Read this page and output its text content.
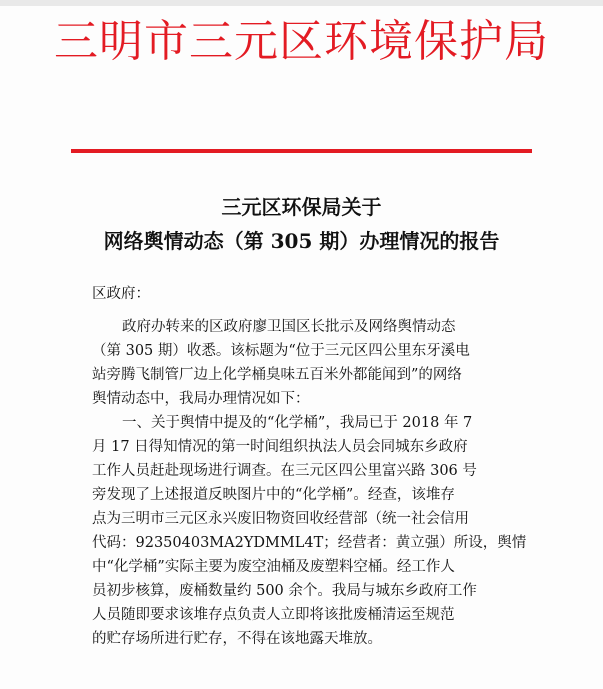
三明市三元区环境保护局
三元区环保局关于
网络舆情动态（第 305 期）办理情况的报告
区政府：
政府办转来的区政府廖卫国区长批示及网络舆情动态
（第 305 期）收悉。该标题为“位于三元区四公里东牙溪电
站旁腾飞制管厂边上化学桶臭味五百米外都能闻到”的网络
舆情动态中，我局办理情况如下：
一、关于舆情中提及的“化学桶”，我局已于 2018 年 7
月 17 日得知情况的第一时间组织执法人员会同城东乡政府
工作人员赶赴现场进行调查。在三元区四公里富兴路 306 号
旁发现了上述报道反映图片中的“化学桶”。经查，该堆存
点为三明市三元区永兴废旧物资回收经营部（统一社会信用
代码：92350403MA2YDMML4T；经营者：黄立强）所设，舆情
中“化学桶”实际主要为废空油桶及废塑料空桶。经工作人
员初步核算，废桶数量约 500 余个。我局与城东乡政府工作
人员随即要求该堆存点负责人立即将该批废桶清运至规范
的贮存场所进行贮存，不得在该地露天堆放。
